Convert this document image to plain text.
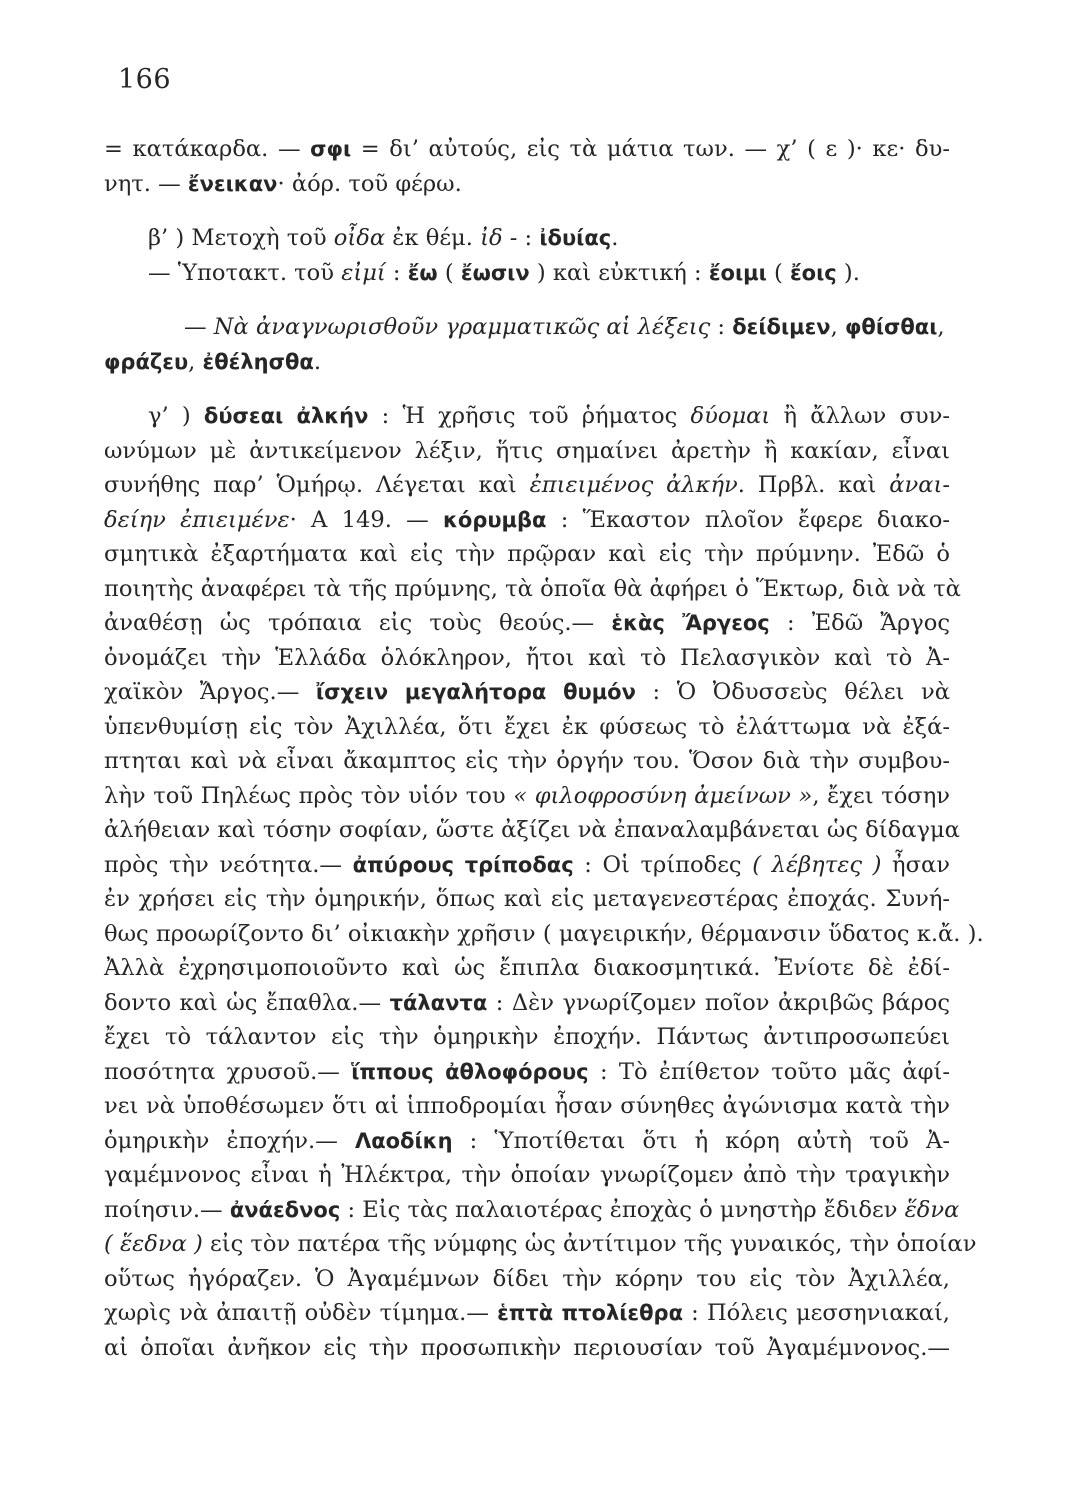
166
= κατάκαρδα. — σφι = δι’ αὐτούς, εἰς τὰ μάτια των. — χ’ ( ε )· κε· δυ-
νητ. — ἔνεικαν· ἀόρ. τοῦ φέρω.
β’ ) Μετοχὴ τοῦ οἶδα ἐκ θέμ. ἰδ - : ἰδυίας.
— Ὑποτακτ. τοῦ εἰμί : ἔω ( ἔωσιν ) καὶ εὐκτική : ἔοιμι ( ἔοις ).
— Νὰ ἀναγνωρισθοῦν γραμματικῶς αἱ λέξεις : δείδιμεν, φθίσθαι,
φράζευ, ἐθέλησθα.
γ’ ) δύσεαι ἀλκήν : Ἡ χρῆσις τοῦ ῥήματος δύομαι ἢ ἄλλων συν-
ωνύμων μὲ ἀντικείμενον λέξιν, ἥτις σημαίνει ἀρετὴν ἢ κακίαν, εἶναι
συνήθης παρ’ Ὁμήρῳ. Λέγεται καὶ ἐπιειμένος ἀλκήν. Πρβλ. καὶ ἀναι-
δείην ἐπιειμένε· Α 149. — κόρυμβα : Ἕκαστον πλοῖον ἔφερε διακο-
σμητικὰ ἐξαρτήματα καὶ εἰς τὴν πρῷραν καὶ εἰς τὴν πρύμνην. Ἐδῶ ὁ
ποιητὴς ἀναφέρει τὰ τῆς πρύμνης, τὰ ὁποῖα θὰ ἀφήρει ὁ Ἕκτωρ, διὰ νὰ τὰ
ἀναθέσῃ ὡς τρόπαια εἰς τοὺς θεούς.— ἑκὰς Ἄργεος : Ἐδῶ Ἄργος
ὀνομάζει τὴν Ἑλλάδα ὁλόκληρον, ἤτοι καὶ τὸ Πελασγικὸν καὶ τὸ Ἀ-
χαϊκὸν Ἄργος.— ἴσχειν μεγαλήτορα θυμόν : Ὁ Ὀδυσσεὺς θέλει νὰ
ὑπενθυμίσῃ εἰς τὸν Ἀχιλλέα, ὅτι ἔχει ἐκ φύσεως τὸ ἐλάττωμα νὰ ἐξά-
πτηται καὶ νὰ εἶναι ἄκαμπτος εἰς τὴν ὀργήν του. Ὅσον διὰ τὴν συμβου-
λὴν τοῦ Πηλέως πρὸς τὸν υἱόν του « φιλοφροσύνη ἀμείνων », ἔχει τόσην
ἀλήθειαν καὶ τόσην σοφίαν, ὥστε ἀξίζει νὰ ἐπαναλαμβάνεται ὡς δίδαγμα
πρὸς τὴν νεότητα.— ἀπύρους τρίποδας : Οἱ τρίποδες ( λέβητες ) ἦσαν
ἐν χρήσει εἰς τὴν ὁμηρικήν, ὅπως καὶ εἰς μεταγενεστέρας ἐποχάς. Συνή-
θως προωρίζοντο δι’ οἰκιακὴν χρῆσιν ( μαγειρικήν, θέρμανσιν ὕδατος κ.ἄ. ).
Ἀλλὰ ἐχρησιμοποιοῦντο καὶ ὡς ἔπιπλα διακοσμητικά. Ἐνίοτε δὲ ἐδί-
δοντο καὶ ὡς ἔπαθλα.— τάλαντα : Δὲν γνωρίζομεν ποῖον ἀκριβῶς βάρος
ἔχει τὸ τάλαντον εἰς τὴν ὁμηρικὴν ἐποχήν. Πάντως ἀντιπροσωπεύει
ποσότητα χρυσοῦ.— ἵππους ἀθλοφόρους : Τὸ ἐπίθετον τοῦτο μᾶς ἀφί-
νει νὰ ὑποθέσωμεν ὅτι αἱ ἱπποδρομίαι ἦσαν σύνηθες ἀγώνισμα κατὰ τὴν
ὁμηρικὴν ἐποχήν.— Λαοδίκη : Ὑποτίθεται ὅτι ἡ κόρη αὐτὴ τοῦ Ἀ-
γαμέμνονος εἶναι ἡ Ἠλέκτρα, τὴν ὁποίαν γνωρίζομεν ἀπὸ τὴν τραγικὴν
ποίησιν.— ἀνάεδνος : Εἰς τὰς παλαιοτέρας ἐποχὰς ὁ μνηστὴρ ἔδιδεν ἕδνα
( ἕεδνα ) εἰς τὸν πατέρα τῆς νύμφης ὡς ἀντίτιμον τῆς γυναικός, τὴν ὁποίαν
οὕτως ἠγόραζεν. Ὁ Ἀγαμέμνων δίδει τὴν κόρην του εἰς τὸν Ἀχιλλέα,
χωρὶς νὰ ἀπαιτῇ οὐδὲν τίμημα.— ἑπτὰ πτολίεθρα : Πόλεις μεσσηνιακαί,
αἱ ὁποῖαι ἀνῆκον εἰς τὴν προσωπικὴν περιουσίαν τοῦ Ἀγαμέμνονος.—
